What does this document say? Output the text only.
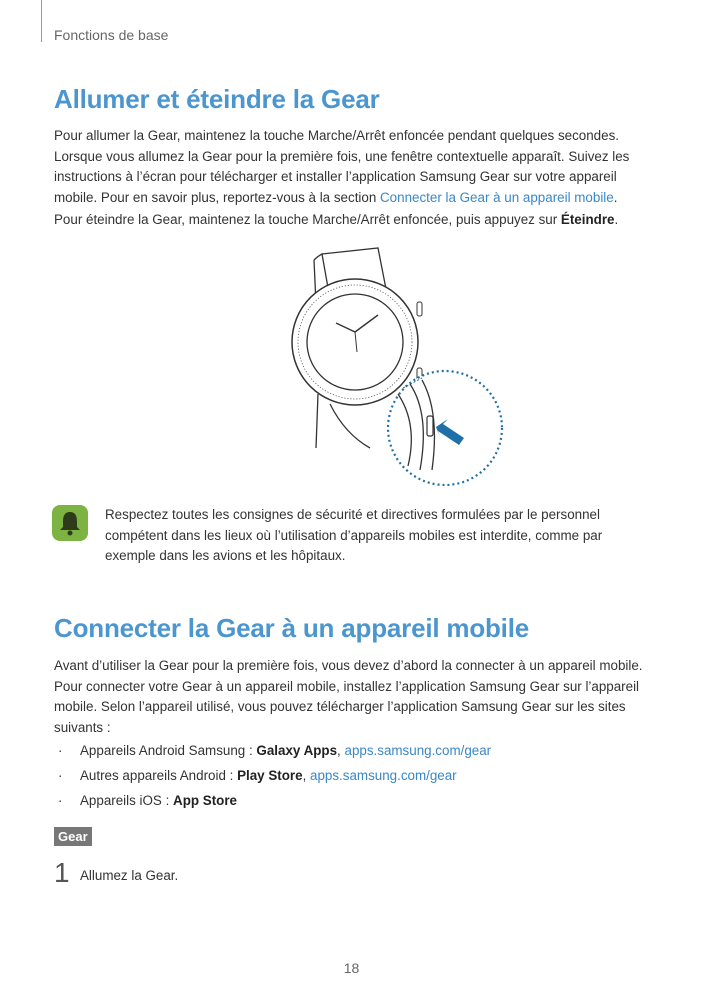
Fonctions de base
Allumer et éteindre la Gear

Pour allumer la Gear, maintenez la touche Marche/Arrêt enfoncée pendant quelques secondes. Lorsque vous allumez la Gear pour la première fois, une fenêtre contextuelle apparaît. Suivez les instructions à l’écran pour télécharger et installer l’application Samsung Gear sur votre appareil mobile. Pour en savoir plus, reportez-vous à la section Connecter la Gear à un appareil mobile.

Pour éteindre la Gear, maintenez la touche Marche/Arrêt enfoncée, puis appuyez sur Éteindre.

Respectez toutes les consignes de sécurité et directives formulées par le personnel compétent dans les lieux où l’utilisation d’appareils mobiles est interdite, comme par exemple dans les avions et les hôpitaux.

Connecter la Gear à un appareil mobile

Avant d’utiliser la Gear pour la première fois, vous devez d’abord la connecter à un appareil mobile. Pour connecter votre Gear à un appareil mobile, installez l’application Samsung Gear sur l’appareil mobile. Selon l’appareil utilisé, vous pouvez télécharger l’application Samsung Gear sur les sites suivants :

· Appareils Android Samsung : Galaxy Apps, apps.samsung.com/gear
· Autres appareils Android : Play Store, apps.samsung.com/gear
· Appareils iOS : App Store
Gear
1 Allumez la Gear.
18
